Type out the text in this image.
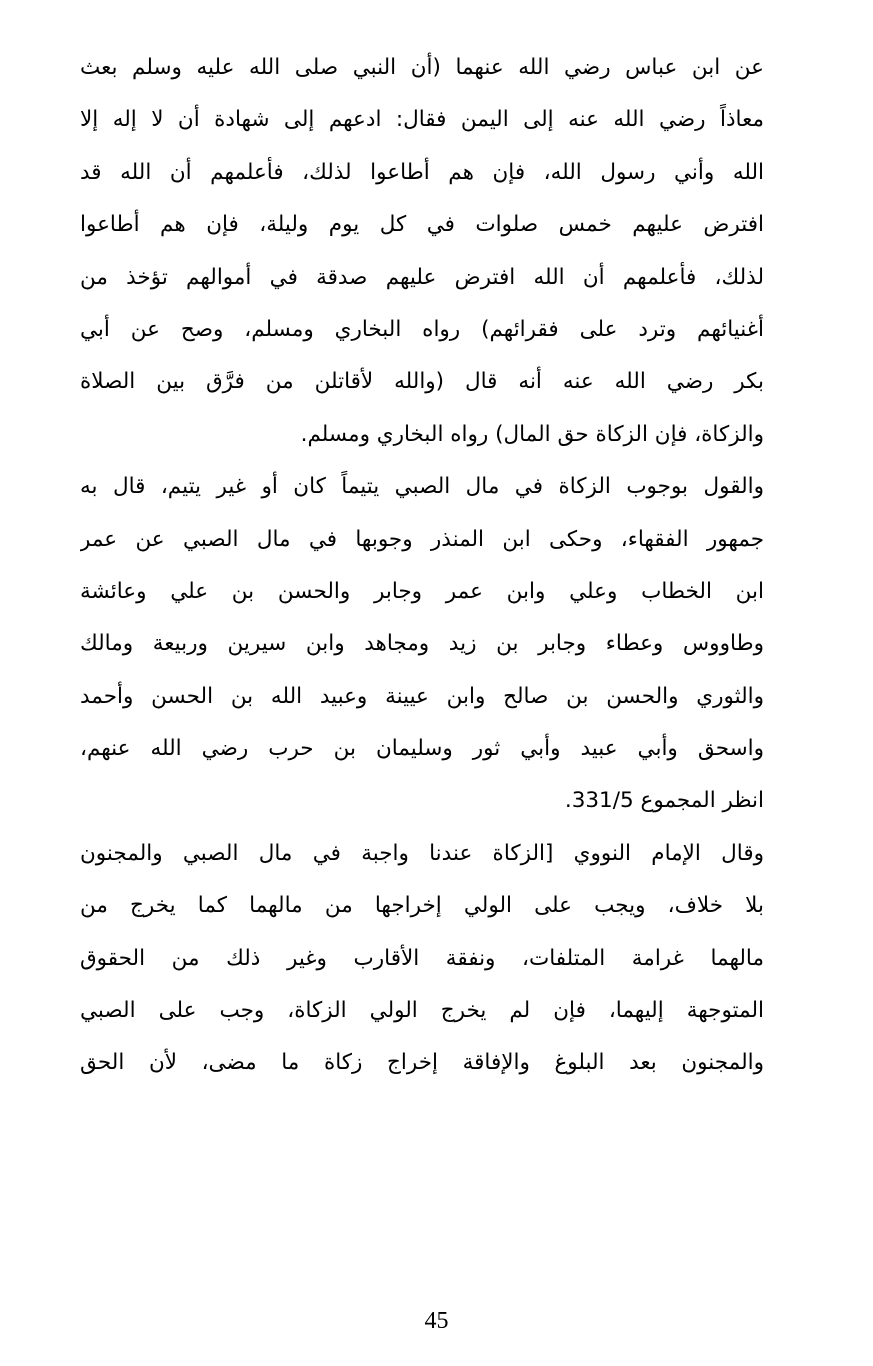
عن ابن عباس رضي الله عنهما (أن النبي صلى الله عليه وسلم بعث
معاذاً رضي الله عنه إلى اليمن فقال: ادعهم إلى شهادة أن لا إله إلا
الله وأني رسول الله، فإن هم أطاعوا لذلك، فأعلمهم أن الله قد
افترض عليهم خمس صلوات في كل يوم وليلة، فإن هم أطاعوا
لذلك، فأعلمهم أن الله افترض عليهم صدقة في أموالهم تؤخذ من
أغنيائهم وترد على فقرائهم) رواه البخاري ومسلم، وصح عن أبي
بكر رضي الله عنه أنه قال (والله لأقاتلن من فرَّق بين الصلاة
والزكاة، فإن الزكاة حق المال) رواه البخاري ومسلم.
والقول بوجوب الزكاة في مال الصبي يتيماً كان أو غير يتيم، قال به
جمهور الفقهاء، وحكى ابن المنذر وجوبها في مال الصبي عن عمر
ابن الخطاب وعلي وابن عمر وجابر والحسن بن علي وعائشة
وطاووس وعطاء وجابر بن زيد ومجاهد وابن سيرين وربيعة ومالك
والثوري والحسن بن صالح وابن عيينة وعبيد الله بن الحسن وأحمد
واسحق وأبي عبيد وأبي ثور وسليمان بن حرب رضي الله عنهم،
انظر المجموع 331/5.
وقال الإمام النووي [الزكاة عندنا واجبة في مال الصبي والمجنون
بلا خلاف، ويجب على الولي إخراجها من مالهما كما يخرج من
مالهما غرامة المتلفات، ونفقة الأقارب وغير ذلك من الحقوق
المتوجهة إليهما، فإن لم يخرج الولي الزكاة، وجب على الصبي
والمجنون بعد البلوغ والإفاقة إخراج زكاة ما مضى، لأن الحق
45
